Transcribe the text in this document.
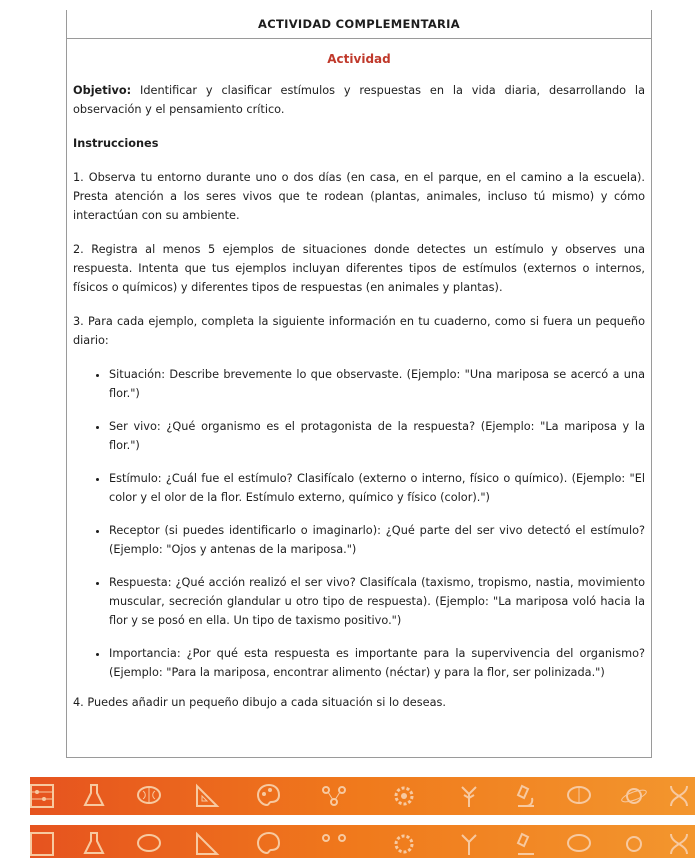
ACTIVIDAD COMPLEMENTARIA
Actividad

Objetivo: Identificar y clasificar estímulos y respuestas en la vida diaria, desarrollando la observación y el pensamiento crítico.

Instrucciones

1. Observa tu entorno durante uno o dos días (en casa, en el parque, en el camino a la escuela). Presta atención a los seres vivos que te rodean (plantas, animales, incluso tú mismo) y cómo interactúan con su ambiente.

2. Registra al menos 5 ejemplos de situaciones donde detectes un estímulo y observes una respuesta. Intenta que tus ejemplos incluyan diferentes tipos de estímulos (externos o internos, físicos o químicos) y diferentes tipos de respuestas (en animales y plantas).

3. Para cada ejemplo, completa la siguiente información en tu cuaderno, como si fuera un pequeño diario:

• Situación: Describe brevemente lo que observaste. (Ejemplo: "Una mariposa se acercó a una flor.")
• Ser vivo: ¿Qué organismo es el protagonista de la respuesta? (Ejemplo: "La mariposa y la flor.")
• Estímulo: ¿Cuál fue el estímulo? Clasifícalo (externo o interno, físico o químico). (Ejemplo: "El color y el olor de la flor. Estímulo externo, químico y físico (color).")
• Receptor (si puedes identificarlo o imaginarlo): ¿Qué parte del ser vivo detectó el estímulo? (Ejemplo: "Ojos y antenas de la mariposa.")
• Respuesta: ¿Qué acción realizó el ser vivo? Clasifícala (taxismo, tropismo, nastia, movimiento muscular, secreción glandular u otro tipo de respuesta). (Ejemplo: "La mariposa voló hacia la flor y se posó en ella. Un tipo de taxismo positivo.")
• Importancia: ¿Por qué esta respuesta es importante para la supervivencia del organismo? (Ejemplo: "Para la mariposa, encontrar alimento (néctar) y para la flor, ser polinizada.")

4. Puedes añadir un pequeño dibujo a cada situación si lo deseas.
